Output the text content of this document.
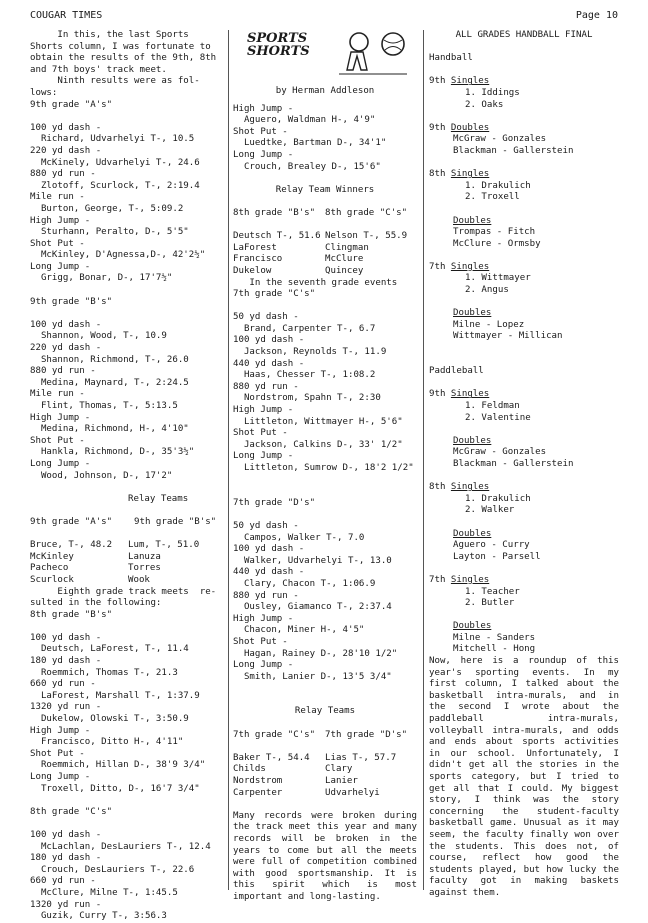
COUGAR TIMES	Page 10
In this, the last Sports
Shorts column, I was fortunate to
obtain the results of the 9th, 8th
and 7th boys' track meet.
Ninth results were as fol-
lows:
9th grade "A's"
100 yd dash -
Richard, Udvarhelyi T-, 10.5
220 yd dash -
McKinely, Udvarhelyi T-, 24.6
880 yd run -
Zlotoff, Scurlock, T-, 2:19.4
Mile run -
Burton, George, T-, 5:09.2
High Jump -
Sturhann, Peralto, D-, 5'5"
Shot Put -
McKinley, D'Agnessa,D-, 42'2½"
Long Jump -
Grigg, Bonar, D-, 17'7½"
9th grade "B's"
100 yd dash -
Shannon, Wood, T-, 10.9
220 yd dash -
Shannon, Richmond, T-, 26.0
880 yd run -
Medina, Maynard, T-, 2:24.5
Mile run -
Flint, Thomas, T-, 5:13.5
High Jump -
Medina, Richmond, H-, 4'10"
Shot Put -
Hankla, Richmond, D-, 35'3½"
Long Jump -
Wood, Johnson, D-, 17'2"
Relay Teams
9th grade "A's"    9th grade "B's"
Bruce, T-, 48.2	Lum, T-, 51.0
McKinley	Lanuza
Pacheco	Torres
Scurlock	Wook
Eighth grade track meets  re-
sulted in the following:
8th grade "B's"
100 yd dash -
Deutsch, LaForest, T-, 11.4
180 yd dash -
Roemmich, Thomas T-, 21.3
660 yd run -
LaForest, Marshall T-, 1:37.9
1320 yd run -
Dukelow, Olowski T-, 3:50.9
High Jump -
Francisco, Ditto H-, 4'11"
Shot Put -
Roemmich, Hillan D-, 38'9 3/4"
Long Jump -
Troxell, Ditto, D-, 16'7 3/4"
8th grade "C's"
100 yd dash -
McLachlan, DesLauriers T-, 12.4
180 yd dash -
Crouch, DesLauriers T-, 22.6
660 yd run -
McClure, Milne T-, 1:45.5
1320 yd run -
Guzik, Curry T-, 3:56.3
SPORTS
SHORTS
by Herman Addleson
High Jump -
Aguero, Waldman H-, 4'9"
Shot Put -
Luedtke, Bartman D-, 34'1"
Long Jump -
Crouch, Brealey D-, 15'6"
Relay Team Winners
8th grade "B's"	8th grade "C's"
Deutsch T-, 51.6 Nelson T-, 55.9
LaForest	Clingman
Francisco	McClure
Dukelow	Quincey
In the seventh grade events
7th grade "C's"
50 yd dash -
Brand, Carpenter T-, 6.7
100 yd dash -
Jackson, Reynolds T-, 11.9
440 yd dash -
Haas, Chesser T-, 1:08.2
880 yd run -
Nordstrom, Spahn T-, 2:30
High Jump -
Littleton, Wittmayer H-, 5'6"
Shot Put -
Jackson, Calkins D-, 33' 1/2"
Long Jump -
Littleton, Sumrow D-, 18'2 1/2"
7th grade "D's"
50 yd dash -
Campos, Walker T-, 7.0
100 yd dash -
Walker, Udvarhelyi T-, 13.0
440 yd dash -
Clary, Chacon T-, 1:06.9
880 yd run -
Ousley, Giamanco T-, 2:37.4
High Jump -
Chacon, Miner H-, 4'5"
Shot Put -
Hagan, Rainey D-, 28'10 1/2"
Long Jump -
Smith, Lanier D-, 13'5 3/4"
Relay Teams
7th grade "C's"	7th grade "D's"
Baker T-, 54.4	Lias T-, 57.7
Childs	Clary
Nordstrom	Lanier
Carpenter	Udvarhelyi
Many records were broken during the track meet this year and many records will be broken in the years to come but all the meets were full of competition combined with good sportsmanship. It is this spirit which is most important and long-lasting.
ALL GRADES HANDBALL FINAL
Handball
9th Singles
1. Iddings
2. Oaks
9th Doubles
McGraw - Gonzales
Blackman - Gallerstein
8th Singles
1. Drakulich
2. Troxell
Doubles
Trompas - Fitch
McClure - Ormsby
7th Singles
1. Wittmayer
2. Angus
Doubles
Milne - Lopez
Wittmayer - Millican
Paddleball
9th Singles
1. Feldman
2. Valentine
Doubles
McGraw - Gonzales
Blackman - Gallerstein
8th Singles
1. Drakulich
2. Walker
Doubles
Aguero - Curry
Layton - Parsell
7th Singles
1. Teacher
2. Butler
Doubles
Milne - Sanders
Mitchell - Hong
Now, here is a roundup of this year's sporting events. In my first column, I talked about the basketball intra-murals, and in the second I wrote about the paddleball intra-murals, volleyball intra-murals, and odds and ends about sports activities in our school. Unfortunately, I didn't get all the stories in the sports category, but I tried to get all that I could. My biggest story, I think was the story concerning the student-faculty basketball game. Unusual as it may seem, the faculty finally won over the students. This does not, of course, reflect how good the students played, but how lucky the faculty got in making baskets against them.
